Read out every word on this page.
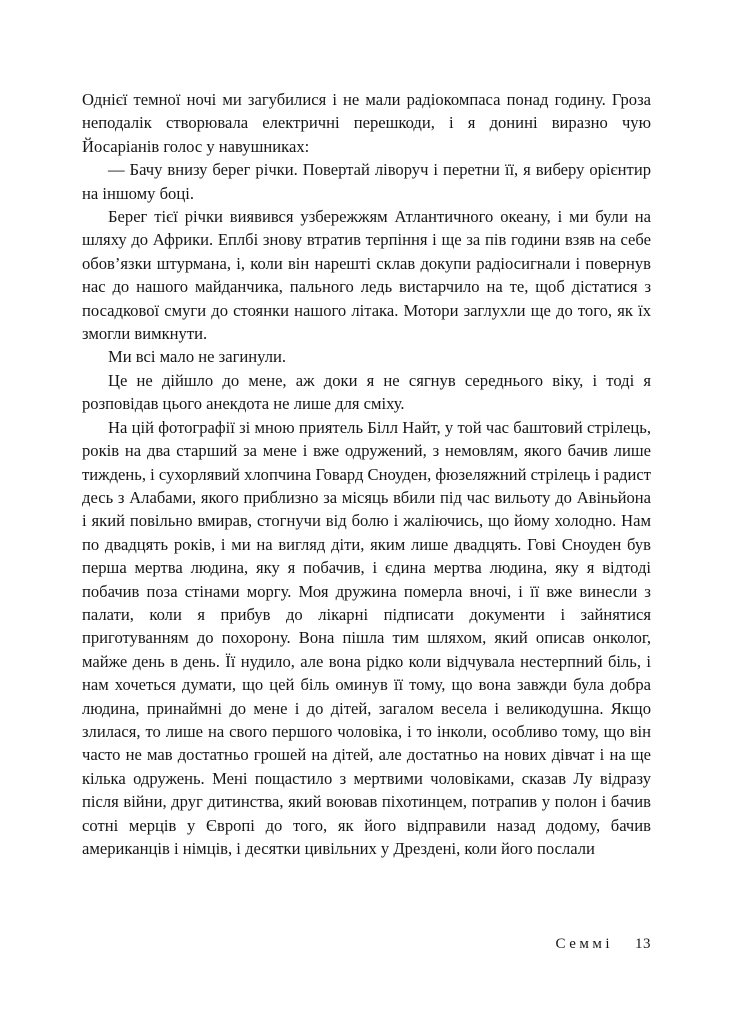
Однієї темної ночі ми загубилися і не мали радіокомпаса понад годину. Гроза неподалік створювала електричні перешкоди, і я донині виразно чую Йосаріанів голос у навушниках:

— Бачу внизу берег річки. Повертай ліворуч і перетни її, я виберу орієнтир на іншому боці.

Берег тієї річки виявився узбережжям Атлантичного океану, і ми були на шляху до Африки. Еплбі знову втратив терпіння і ще за пів години взяв на себе обов’язки штурмана, і, коли він нарешті склав докупи радіосигнали і повернув нас до нашого майданчика, пального ледь вистарчило на те, щоб дістатися з посадкової смуги до стоянки нашого літака. Мотори заглухли ще до того, як їх змогли вимкнути.

Ми всі мало не загинули.

Це не дійшло до мене, аж доки я не сягнув середнього віку, і тоді я розповідав цього анекдота не лише для сміху.

На цій фотографії зі мною приятель Білл Найт, у той час баштовий стрілець, років на два старший за мене і вже одружений, з немовлям, якого бачив лише тиждень, і сухорлявий хлопчина Говард Сноуден, фюзеляжний стрілець і радист десь з Алабами, якого приблизно за місяць вбили під час вильоту до Авіньйона і який повільно вмирав, стогнучи від болю і жаліючись, що йому холодно. Нам по двадцять років, і ми на вигляд діти, яким лише двадцять. Гові Сноуден був перша мертва людина, яку я побачив, і єдина мертва людина, яку я відтоді побачив поза стінами моргу. Моя дружина померла вночі, і її вже винесли з палати, коли я прибув до лікарні підписати документи і зайнятися приготуванням до похорону. Вона пішла тим шляхом, який описав онколог, майже день в день. Її нудило, але вона рідко коли відчувала нестерпний біль, і нам хочеться думати, що цей біль оминув її тому, що вона завжди була добра людина, принаймні до мене і до дітей, загалом весела і великодушна. Якщо злилася, то лише на свого першого чоловіка, і то інколи, особливо тому, що він часто не мав достатньо грошей на дітей, але достатньо на нових дівчат і на ще кілька одружень. Мені пощастило з мертвими чоловіками, сказав Лу відразу після війни, друг дитинства, який воював піхотинцем, потрапив у полон і бачив сотні мерців у Європі до того, як його відправили назад додому, бачив американців і німців, і десятки цивільних у Дрездені, коли його послали

Семмі 13
